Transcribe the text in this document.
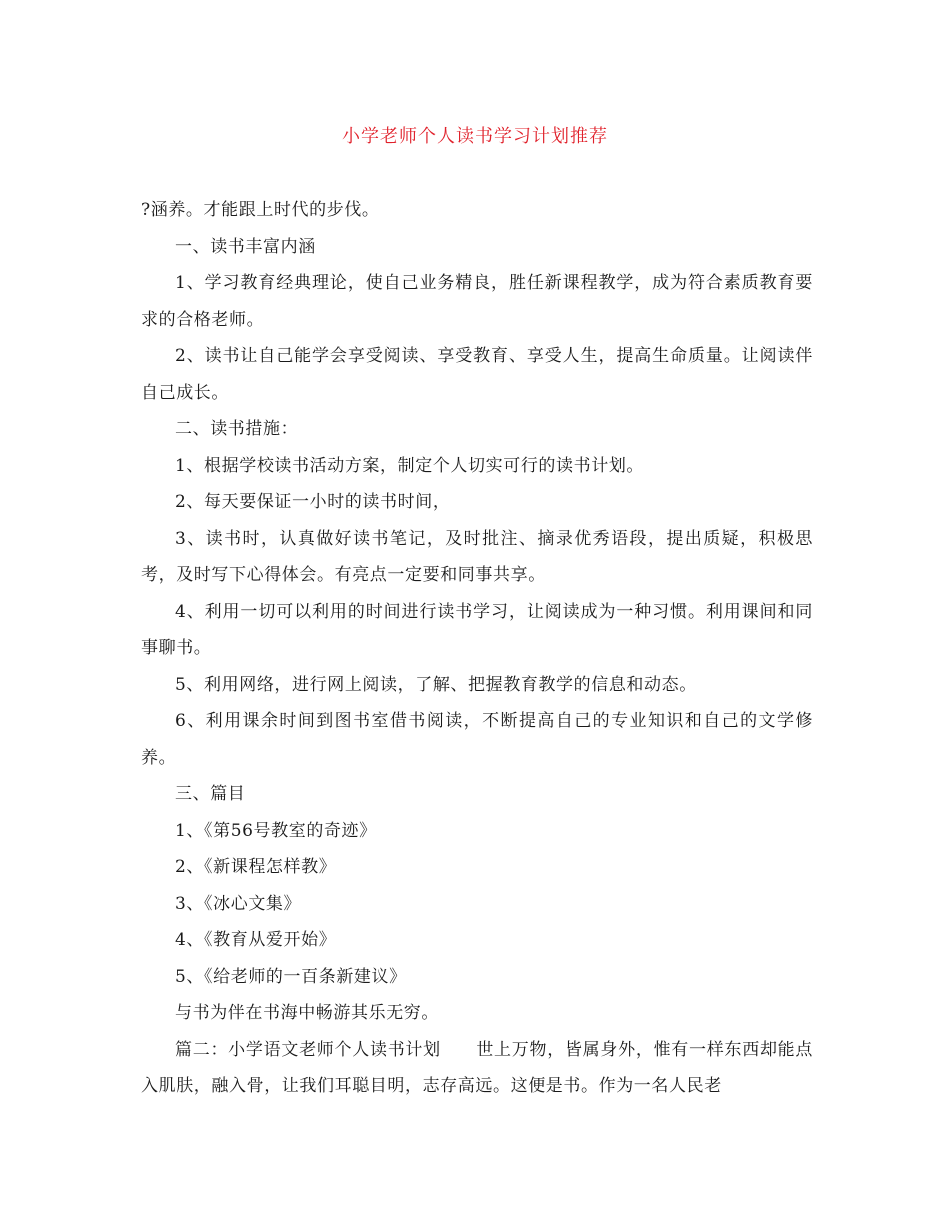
小学老师个人读书学习计划推荐

?涵养。才能跟上时代的步伐。

一、读书丰富内涵

1、学习教育经典理论，使自己业务精良，胜任新课程教学，成为符合素质教育要求的合格老师。

2、读书让自己能学会享受阅读、享受教育、享受人生，提高生命质量。让阅读伴自己成长。

二、读书措施：

1、根据学校读书活动方案，制定个人切实可行的读书计划。

2、每天要保证一小时的读书时间，

3、读书时，认真做好读书笔记，及时批注、摘录优秀语段，提出质疑，积极思考，及时写下心得体会。有亮点一定要和同事共享。

4、利用一切可以利用的时间进行读书学习，让阅读成为一种习惯。利用课间和同事聊书。

5、利用网络，进行网上阅读，了解、把握教育教学的信息和动态。

6、利用课余时间到图书室借书阅读，不断提高自己的专业知识和自己的文学修养。

三、篇目

1、《第56号教室的奇迹》

2、《新课程怎样教》

3、《冰心文集》

4、《教育从爱开始》

5、《给老师的一百条新建议》

与书为伴在书海中畅游其乐无穷。

篇二：小学语文老师个人读书计划　　世上万物，皆属身外，惟有一样东西却能点入肌肤，融入骨，让我们耳聪目明，志存高远。这便是书。作为一名人民老
